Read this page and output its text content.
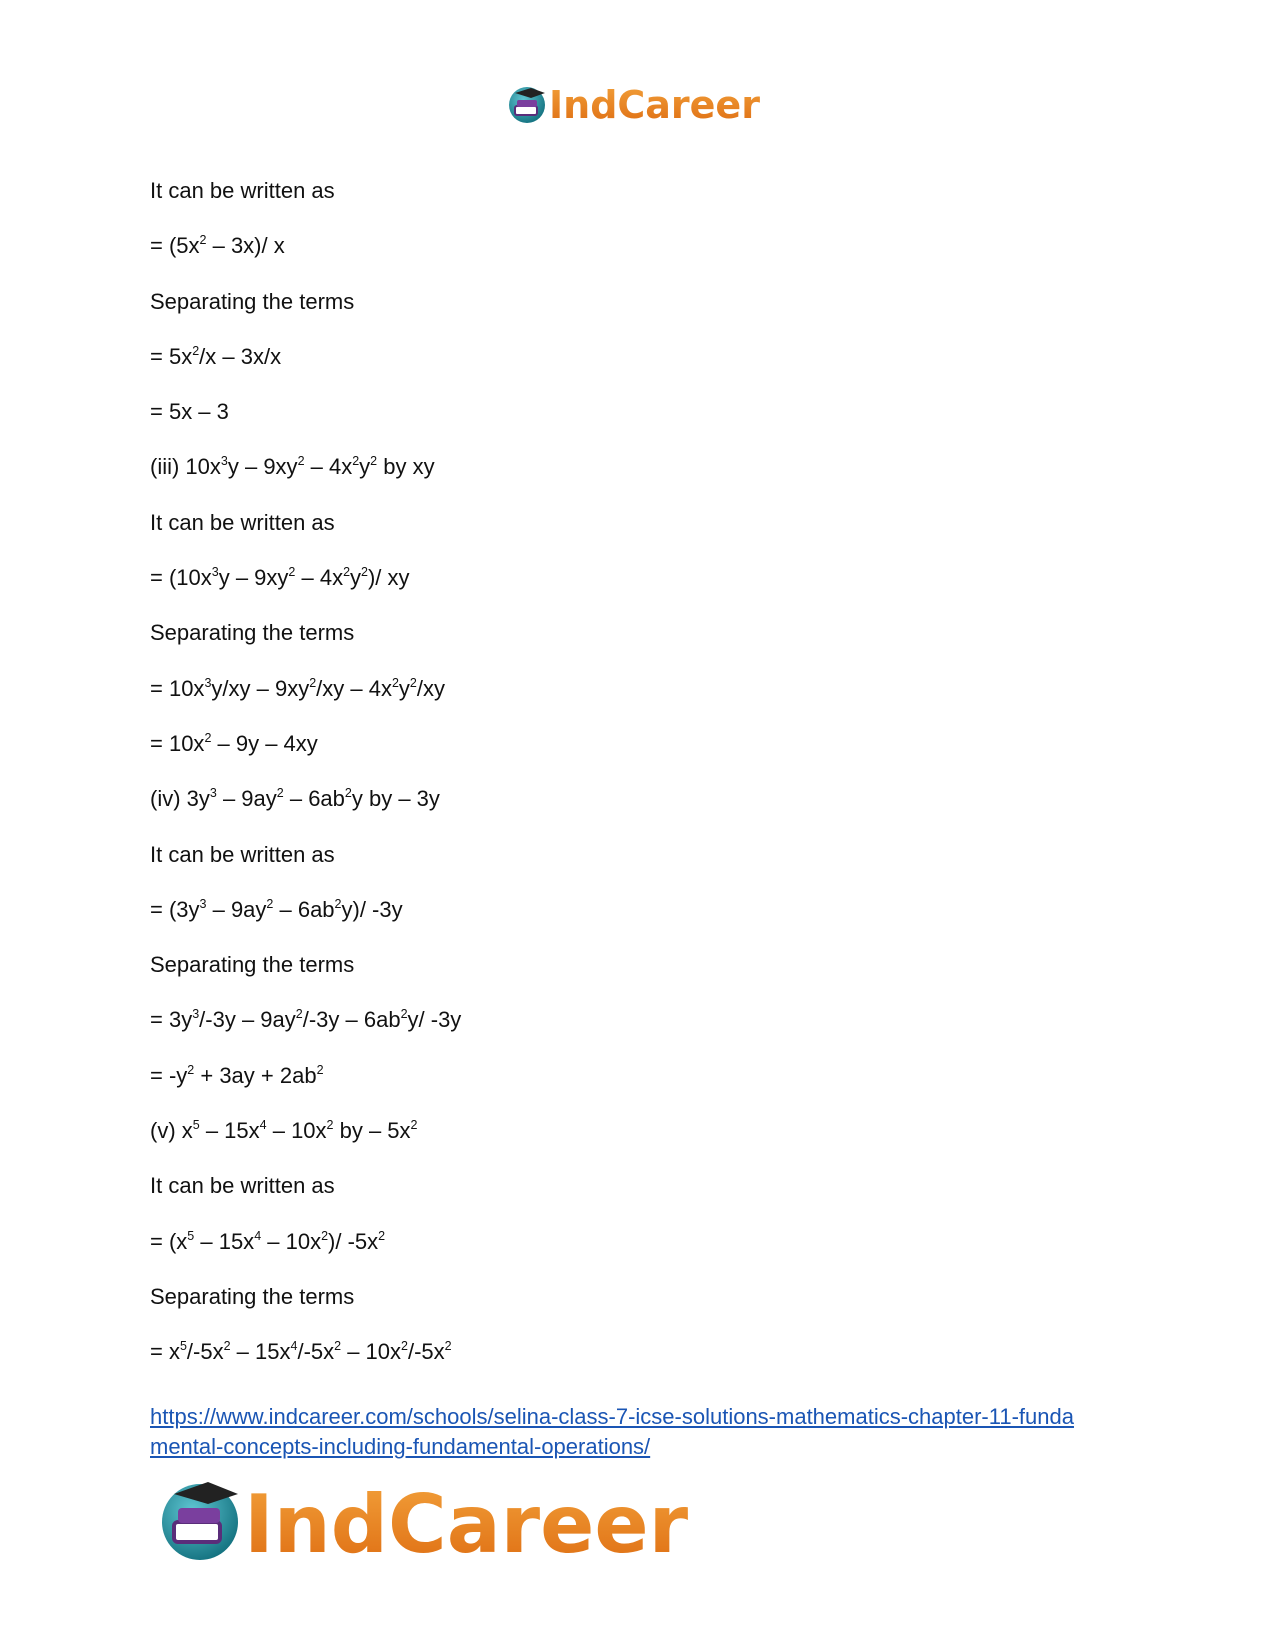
IndCareer
It can be written as
= $(5x^2 - 3x)/$ x
Separating the terms
= $5x^2/x - 3x/x$
= 5x – 3
(iii) $10x^3y - 9xy^2 - 4x^2y^2$ by xy
It can be written as
= $(10x^3y - 9xy^2 - 4x^2y^2)/$ xy
Separating the terms
= $10x^3y/xy - 9xy^2/xy - 4x^2y^2/xy$
= $10x^2 - 9y - 4xy$
(iv) $3y^3 - 9ay^2 - 6ab^2y$ by – 3y
It can be written as
= $(3y^3 - 9ay^2 - 6ab^2y)/$ -3y
Separating the terms
= $3y^3/-3y - 9ay^2/-3y - 6ab^2y/$ -3y
= $-y^2 + 3ay + 2ab^2$
(v) $x^5 - 15x^4 - 10x^2$ by – $5x^2$
It can be written as
= $(x^5 - 15x^4 - 10x^2)/$ $-5x^2$
Separating the terms
= $x^5/-5x^2 - 15x^4/-5x^2 - 10x^2/-5x^2$
https://www.indcareer.com/schools/selina-class-7-icse-solutions-mathematics-chapter-11-funda
mental-concepts-including-fundamental-operations/
IndCareer
